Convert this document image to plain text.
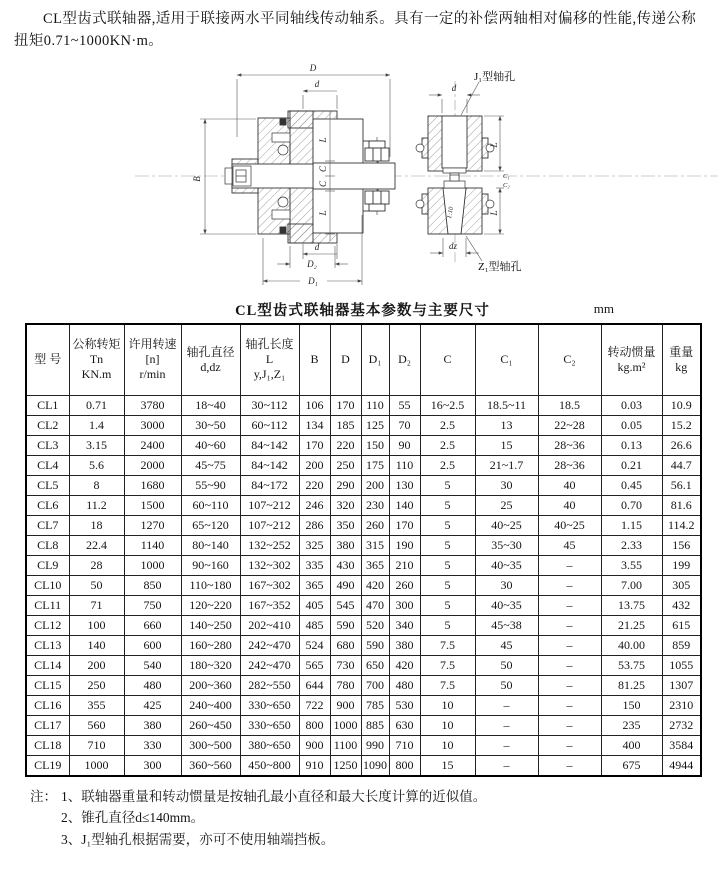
CL型齿式联轴器,适用于联接两水平同轴线传动轴系。具有一定的补偿两轴相对偏移的性能,传递公称扭矩0.71~1000KN·m。
D
d
B
L
C
C
L
d
D₂
D₁
d
L
C₁
C₂
L
1:10
dz
J₁型轴孔
Z₁型轴孔
CL型齿式联轴器基本参数与主要尺寸	mm
型 号

公称转矩
Tn
KN.m

许用转速
[n]
r/min

轴孔直径
d,dz

轴孔长度
L
y,J₁,Z₁

B	D	D₁	D₂	C	C₁	C₂

转动惯量
kg.m²

重量
kg

CL1	0.71	3780	18~40	30~112	106	170	110	55	16~2.5	18.5~11	18.5	0.03	10.9
CL2	1.4	3000	30~50	60~112	134	185	125	70	2.5	13	22~28	0.05	15.2
CL3	3.15	2400	40~60	84~142	170	220	150	90	2.5	15	28~36	0.13	26.6
CL4	5.6	2000	45~75	84~142	200	250	175	110	2.5	21~1.7	28~36	0.21	44.7
CL5	8	1680	55~90	84~172	220	290	200	130	5	30	40	0.45	56.1
CL6	11.2	1500	60~110	107~212	246	320	230	140	5	25	40	0.70	81.6
CL7	18	1270	65~120	107~212	286	350	260	170	5	40~25	40~25	1.15	114.2
CL8	22.4	1140	80~140	132~252	325	380	315	190	5	35~30	45	2.33	156
CL9	28	1000	90~160	132~302	335	430	365	210	5	40~35	–	3.55	199
CL10	50	850	110~180	167~302	365	490	420	260	5	30	–	7.00	305
CL11	71	750	120~220	167~352	405	545	470	300	5	40~35	–	13.75	432
CL12	100	660	140~250	202~410	485	590	520	340	5	45~38	–	21.25	615
CL13	140	600	160~280	242~470	524	680	590	380	7.5	45	–	40.00	859
CL14	200	540	180~320	242~470	565	730	650	420	7.5	50	–	53.75	1055
CL15	250	480	200~360	282~550	644	780	700	480	7.5	50	–	81.25	1307
CL16	355	425	240~400	330~650	722	900	785	530	10	–	–	150	2310
CL17	560	380	260~450	330~650	800	1000	885	630	10	–	–	235	2732
CL18	710	330	300~500	380~650	900	1100	990	710	10	–	–	400	3584
CL19	1000	300	360~560	450~800	910	1250	1090	800	15	–	–	675	4944
注： 1、联轴器重量和转动惯量是按轴孔最小直径和最大长度计算的近似值。
2、锥孔直径d≤140mm。
3、J₁型轴孔根据需要，亦可不使用轴端挡板。
